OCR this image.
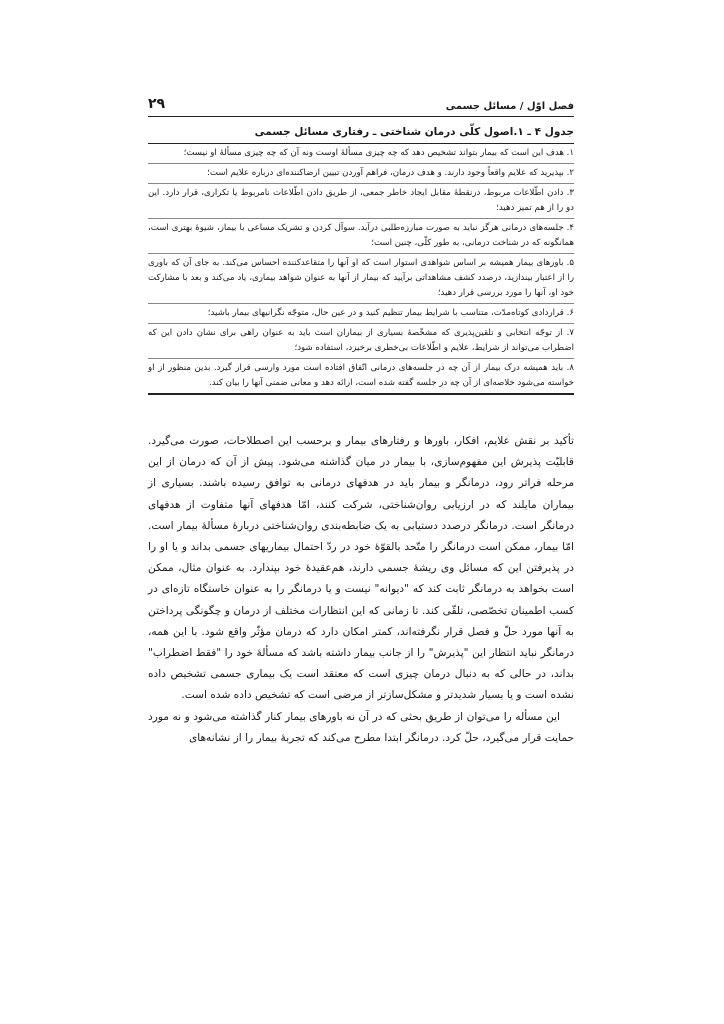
فصل اوّل / مسائل جسمی
۲۹
جدول ۴ ـ ۱.اصول کلّی درمان شناختی ـ رفتاری مسائل جسمی
۱. هدف این است که بیمار بتواند تشخیص دهد که چه چیزی مسألهٔ اوست ونه آن که چه چیزی مسألهٔ او نیست؛
۲. بپذیرید که علایم واقعاً وجود دارند. و هدف درمان، فراهم آوردن تبیین ارضاکننده‌ای درباره علایم است؛
۳. دادن اطّلاعات مربوط، درنقطهٔ مقابل ایجاد خاطر جمعی، از طریق دادن اطّلاعات نامربوط یا تکراری، قرار دارد. این دو را از هم تمیز دهید؛
۴. جلسه‌های درمانی هرگز نباید به صورت مبارزه‌طلبی درآید. سوآل کردن و تشریک مساعی با بیمار، شیوهٔ بهتری است، همانگونه که در شناخت درمانی، به طور کلّی، چنین است؛
۵. باورهای بیمار همیشه بر اساس شواهدی استوار است که او آنها را متقاعدکننده احساس می‌کند. به جای آن که باوری را از اعتبار بیندازید، درصدد کشف مشاهداتی برآیید که بیمار از آنها به عنوان شواهد بیماری، یاد می‌کند و بعد با مشارکت خود او، آنها را مورد بررسی قرار دهید؛
۶. قراردادی کوتاه‌مدّت، متناسب با شرایط بیمار تنظیم کنید و در عین حال، متوجّه نگرانیهای بیمار باشید؛
۷. از توجّه انتخابی و تلقین‌پذیری که مشخّصهٔ بسیاری از بیماران است باید به عنوان راهی برای نشان دادن این که اضطراب می‌تواند از شرایط، علایم و اطّلاعات بی‌خطری برخیزد، استفاده شود؛
۸. باید همیشه درک بیمار از آن چه در جلسه‌های درمانی اتّفاق افتاده است مورد وارسی قرار گیرد. بدین منظور از او خواسته می‌شود خلاصه‌ای از آن چه در جلسه گفته شده است، ارائه دهد و معانی ضمنی آنها را بیان کند.

تأکید بر نقش علایم، افکار، باورها و رفتارهای بیمار و برحسب این اصطلاحات، صورت می‌گیرد. قابلیّت پذیرش این مفهوم‌سازی، با بیمار در میان گذاشته می‌شود. پیش از آن که درمان از این مرحله فراتر رود، درمانگر و بیمار باید در هدفهای درمانی به توافق رسیده باشند. بسیاری از بیماران مایلند که در ارزیابی روان‌شناختی، شرکت کنند، امّا هدفهای آنها متفاوت از هدفهای درمانگر است. درمانگر درصدد دستیابی به یک ضابطه‌بندی روان‌شناختی دربارهٔ مسألهٔ بیمار است. امّا بیمار، ممکن است درمانگر را متّحد بالقوّهٔ خود در ردّ احتمال بیماریهای جسمی بداند و یا او را در پذیرفتن این که مسائل وی ریشهٔ جسمی دارند، هم‌عقیدهٔ خود بپندارد. به عنوان مثال، ممکن است بخواهد به درمانگر ثابت کند که "دیوانه" نیست و یا درمانگر را به عنوان خاستگاه تازه‌ای در کسب اطمینان تخصّصی، تلقّی کند. تا زمانی که این انتظارات مختلف از درمان و چگونگی پرداختن به آنها مورد حلّ و فصل قرار نگرفته‌اند، کمتر امکان دارد که درمان مؤثّر واقع شود. با این همه، درمانگر نباید انتظار این "پذیرش" را از جانب بیمار داشته باشد که مسألهٔ خود را "فقط اضطراب" بداند، در حالی که به دنبال درمان چیزی است که معتقد است یک بیماری جسمی تشخیص داده نشده است و یا بسیار شدیدتر و مشکل‌سازتر از مرضی است که تشخیص داده شده است.

این مسأله را می‌توان از طریق بحثی که در آن نه باورهای بیمار کنار گذاشته می‌شود و نه مورد حمایت قرار می‌گیرد، حلّ کرد. درمانگر ابتدا مطرح می‌کند که تجربهٔ بیمار را از نشانه‌های
